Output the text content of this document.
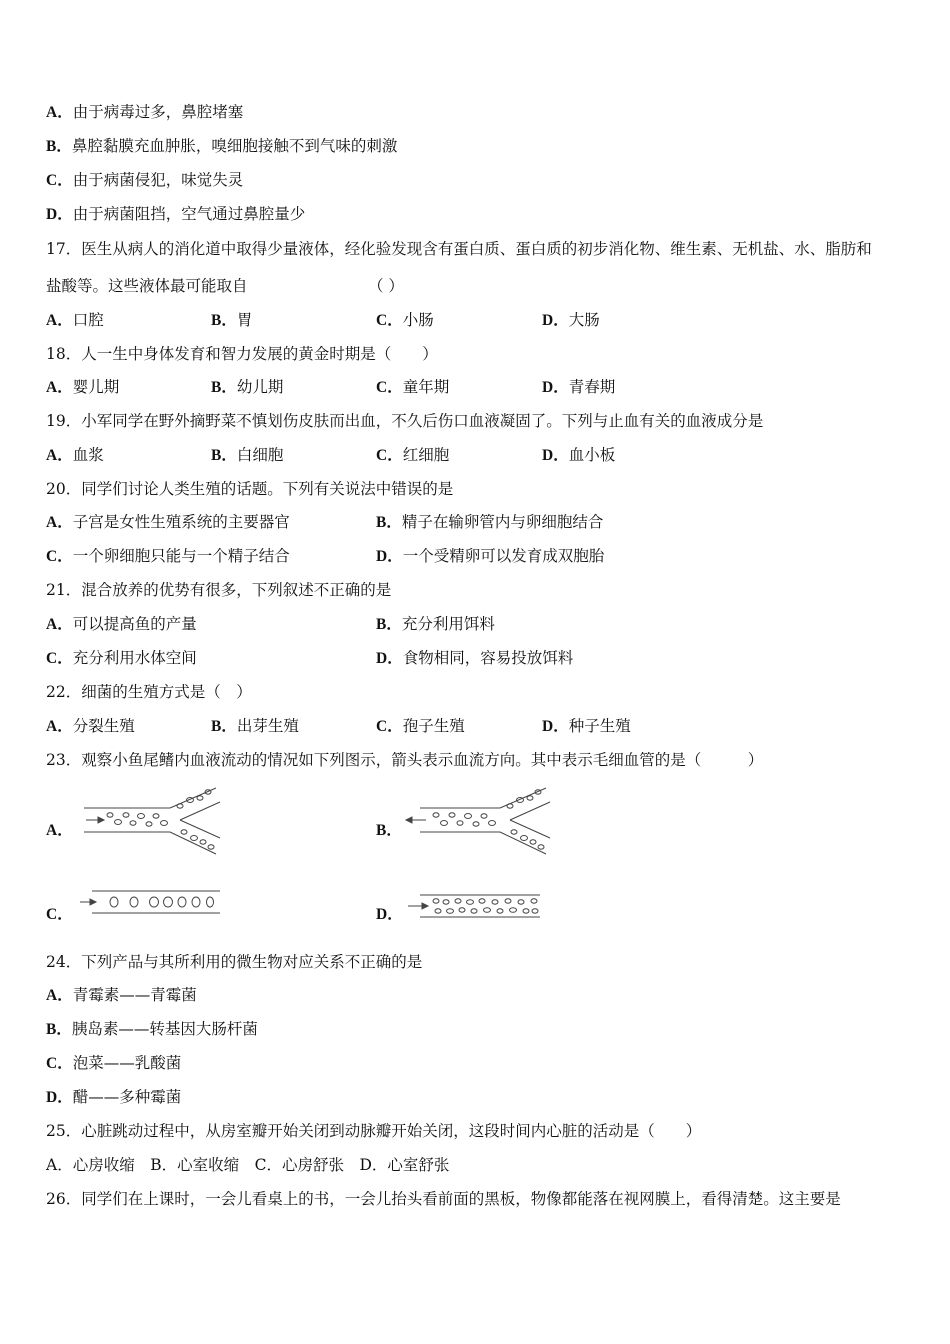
A．由于病毒过多，鼻腔堵塞
B．鼻腔黏膜充血肿胀，嗅细胞接触不到气味的刺激
C．由于病菌侵犯，味觉失灵
D．由于病菌阻挡，空气通过鼻腔量少
17．医生从病人的消化道中取得少量液体，经化验发现含有蛋白质、蛋白质的初步消化物、维生素、无机盐、水、脂肪和
盐酸等。这些液体最可能取自	（ ）
A．口腔	B．胃	C．小肠	D．大肠
18．人一生中身体发育和智力发展的黄金时期是（　　）
A．婴儿期	B．幼儿期	C．童年期	D．青春期
19．小军同学在野外摘野菜不慎划伤皮肤而出血，不久后伤口血液凝固了。下列与止血有关的血液成分是
A．血浆	B．白细胞	C．红细胞	D．血小板
20．同学们讨论人类生殖的话题。下列有关说法中错误的是
A．子宫是女性生殖系统的主要器官	B．精子在输卵管内与卵细胞结合
C．一个卵细胞只能与一个精子结合	D．一个受精卵可以发育成双胞胎
21．混合放养的优势有很多，下列叙述不正确的是
A．可以提高鱼的产量	B．充分利用饵料
C．充分利用水体空间	D．食物相同，容易投放饵料
22．细菌的生殖方式是（　）
A．分裂生殖	B．出芽生殖	C．孢子生殖	D．种子生殖
23．观察小鱼尾鳍内血液流动的情况如下列图示，箭头表示血流方向。其中表示毛细血管的是（　　　）
A．	B．
C．	D．
24．下列产品与其所利用的微生物对应关系不正确的是
A．青霉素——青霉菌
B．胰岛素——转基因大肠杆菌
C．泡菜——乳酸菌
D．醋——多种霉菌
25．心脏跳动过程中，从房室瓣开始关闭到动脉瓣开始关闭，这段时间内心脏的活动是（　　）
A．心房收缩　B．心室收缩　C．心房舒张　D．心室舒张
26．同学们在上课时，一会儿看桌上的书，一会儿抬头看前面的黑板，物像都能落在视网膜上，看得清楚。这主要是
